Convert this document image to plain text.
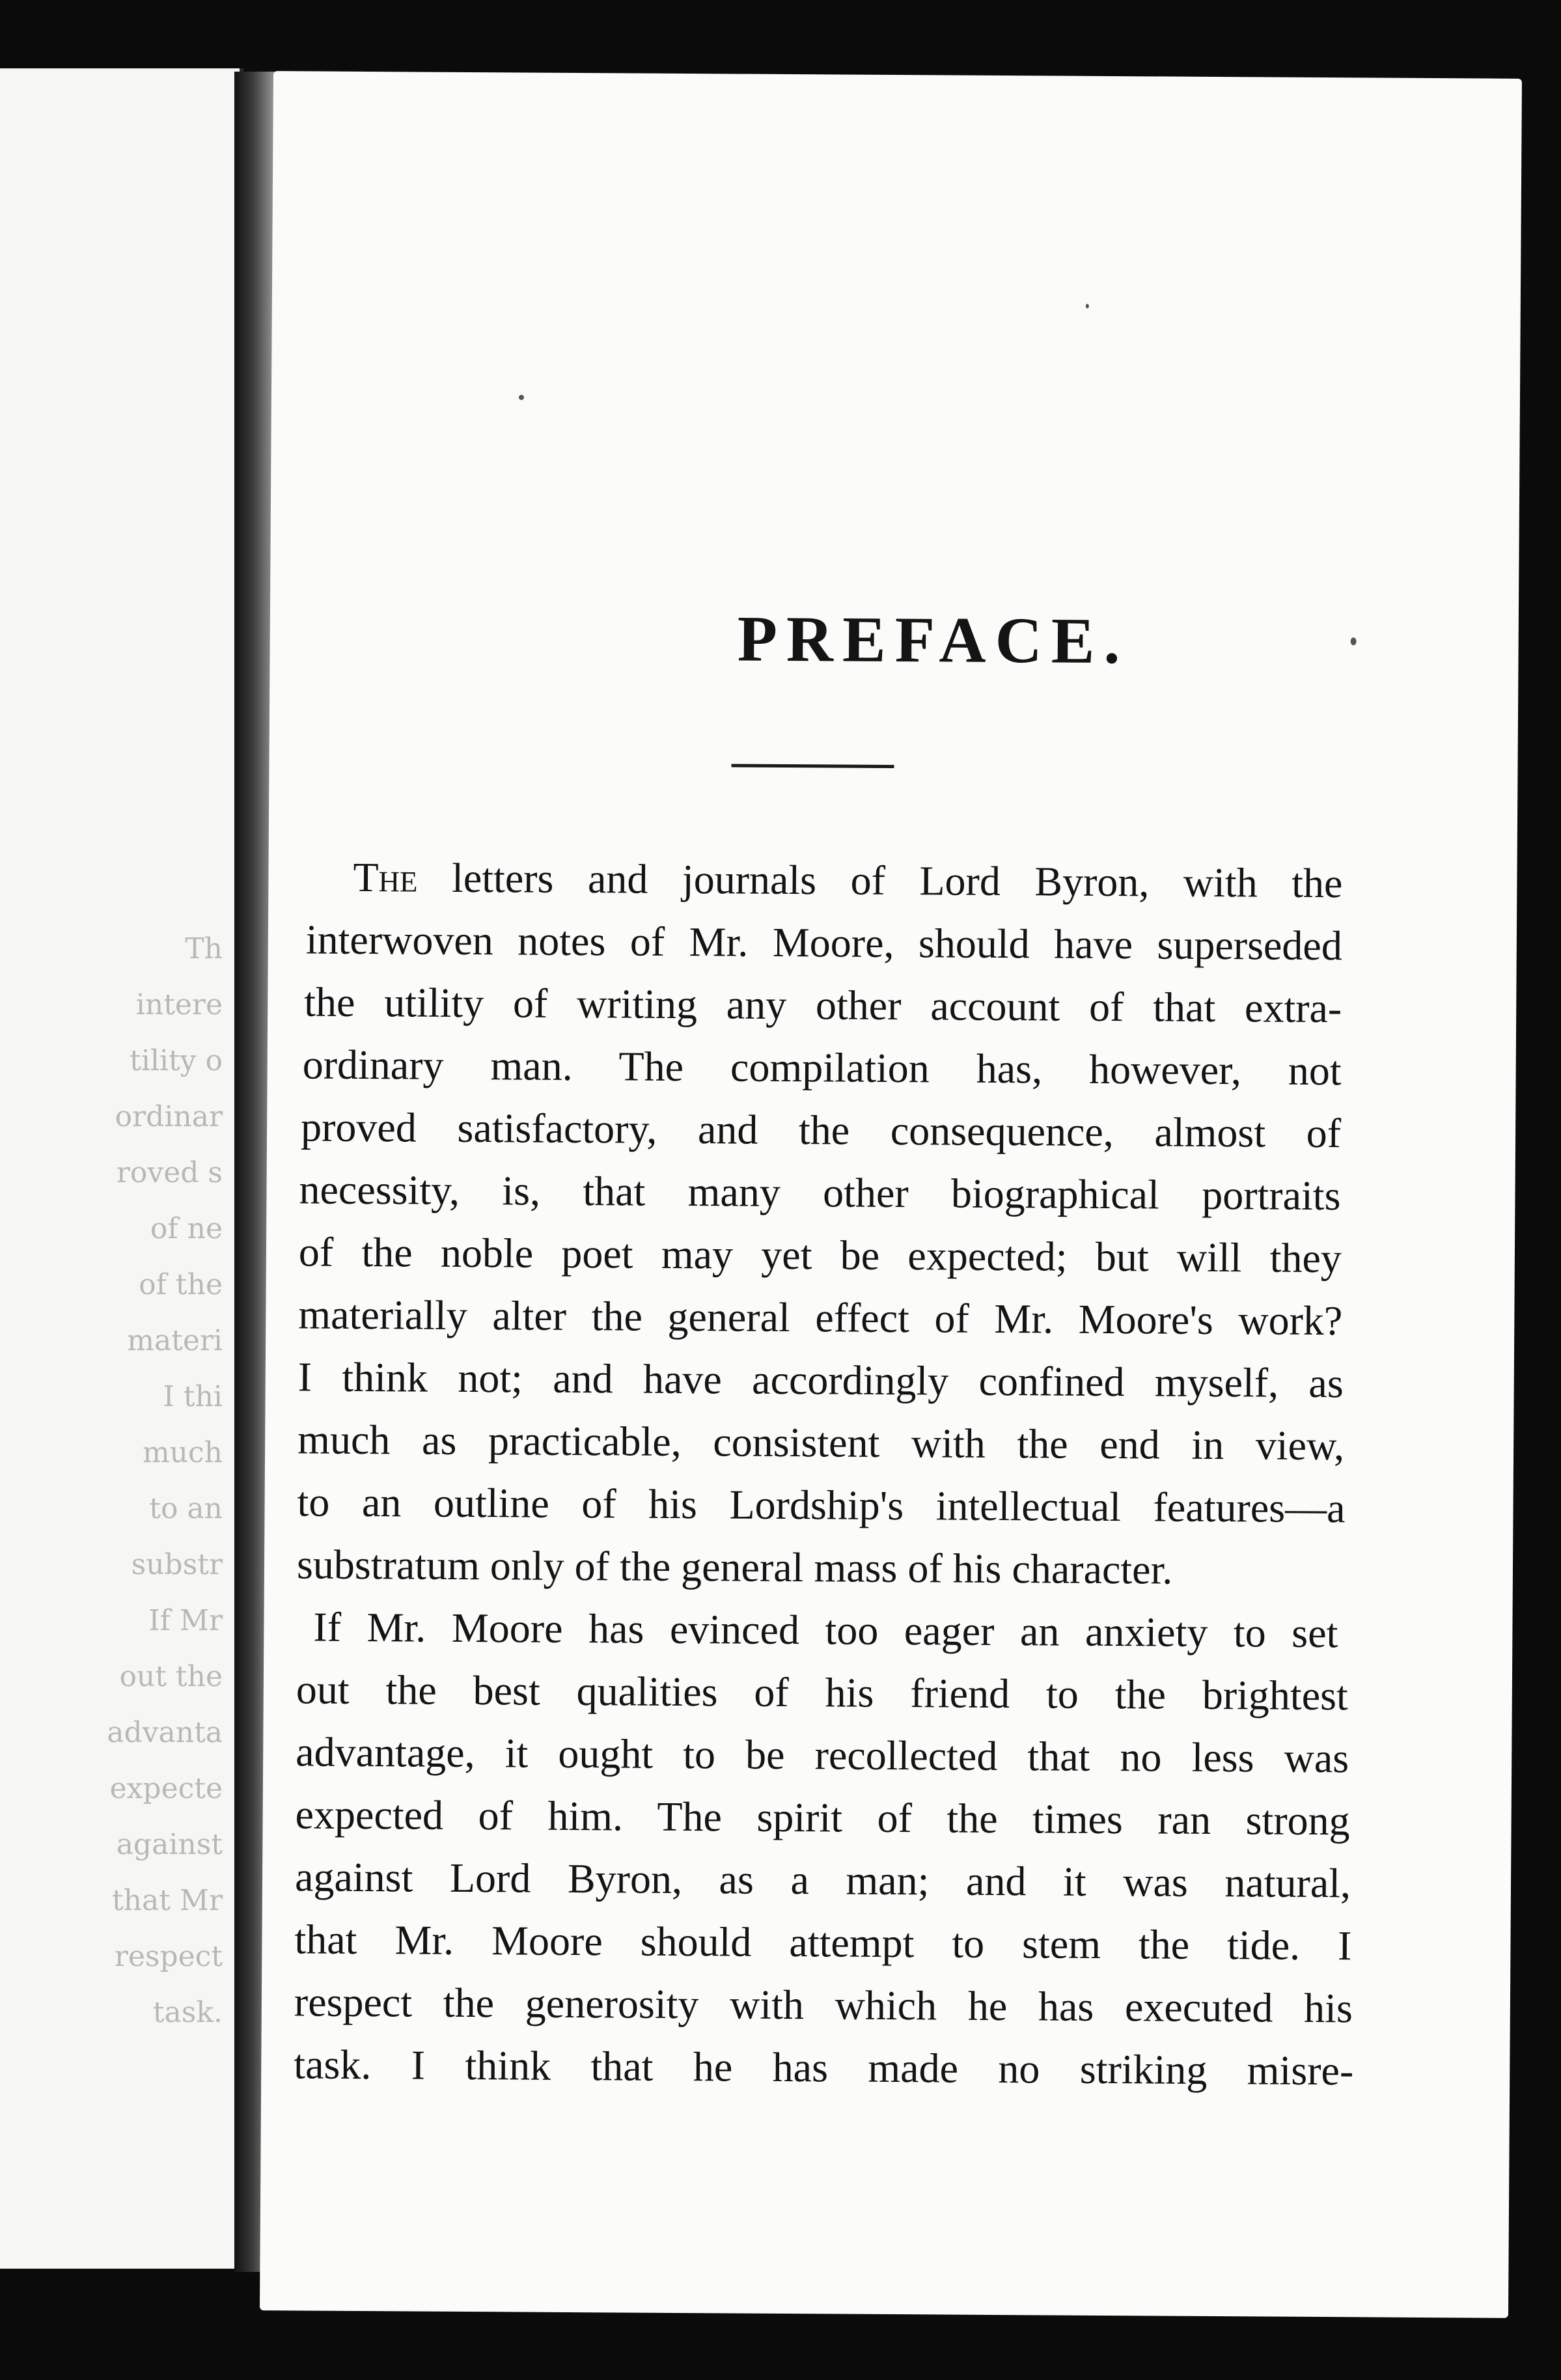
Th
intere
tility o
ordinar
roved s
of ne
of the
materi
I thi
much
to an
substr
If Mr
out the
advanta
expecte
against
that Mr
respect
task.
PREFACE.
The letters and journals of Lord Byron, with the
interwoven notes of Mr. Moore, should have superseded
the utility of writing any other account of that extra-
ordinary man. The compilation has, however, not
proved satisfactory, and the consequence, almost of
necessity, is, that many other biographical portraits
of the noble poet may yet be expected; but will they
materially alter the general effect of Mr. Moore's work?
I think not; and have accordingly confined myself, as
much as practicable, consistent with the end in view,
to an outline of his Lordship's intellectual features—a
substratum only of the general mass of his character.
If Mr. Moore has evinced too eager an anxiety to set
out the best qualities of his friend to the brightest
advantage, it ought to be recollected that no less was
expected of him. The spirit of the times ran strong
against Lord Byron, as a man; and it was natural,
that Mr. Moore should attempt to stem the tide. I
respect the generosity with which he has executed his
task. I think that he has made no striking misre-
